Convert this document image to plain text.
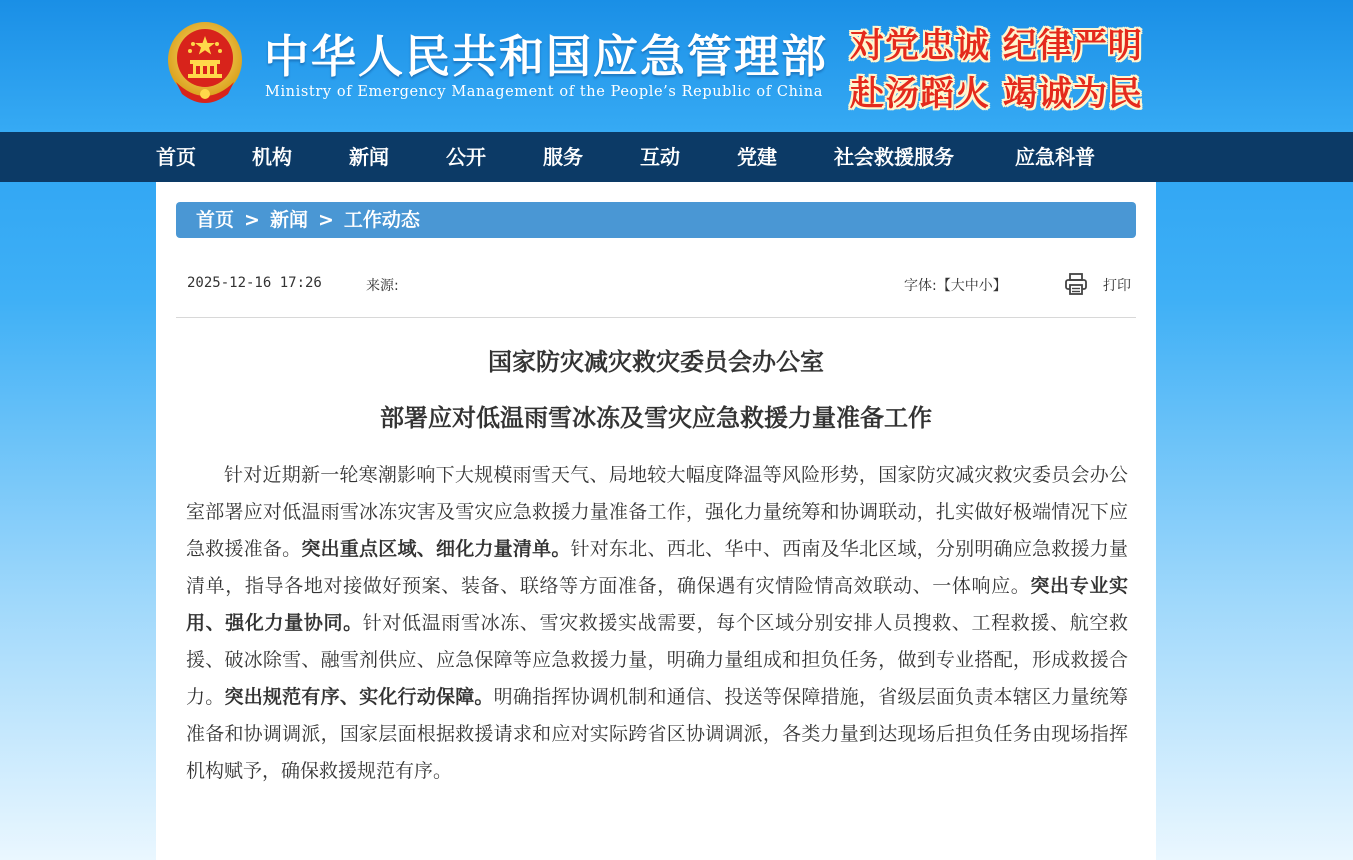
中华人民共和国应急管理部
Ministry of Emergency Management of the People’s Republic of China
对党忠诚 纪律严明
赴汤蹈火 竭诚为民
首页	机构	新闻	公开	服务	互动	党建	社会救援服务	应急科普
首页 > 新闻 > 工作动态
2025-12-16 17:26	来源:	字体:【大中小】	打印
国家防灾减灾救灾委员会办公室
部署应对低温雨雪冰冻及雪灾应急救援力量准备工作

针对近期新一轮寒潮影响下大规模雨雪天气、局地较大幅度降温等风险形势，国家防灾减灾救灾委员会办公室部署应对低温雨雪冰冻灾害及雪灾应急救援力量准备工作，强化力量统筹和协调联动，扎实做好极端情况下应急救援准备。突出重点区域、细化力量清单。针对东北、西北、华中、西南及华北区域，分别明确应急救援力量清单，指导各地对接做好预案、装备、联络等方面准备，确保遇有灾情险情高效联动、一体响应。突出专业实用、强化力量协同。针对低温雨雪冰冻、雪灾救援实战需要，每个区域分别安排人员搜救、工程救援、航空救援、破冰除雪、融雪剂供应、应急保障等应急救援力量，明确力量组成和担负任务，做到专业搭配，形成救援合力。突出规范有序、实化行动保障。明确指挥协调机制和通信、投送等保障措施，省级层面负责本辖区力量统筹准备和协调调派，国家层面根据救援请求和应对实际跨省区协调调派，各类力量到达现场后担负任务由现场指挥机构赋予，确保救援规范有序。
